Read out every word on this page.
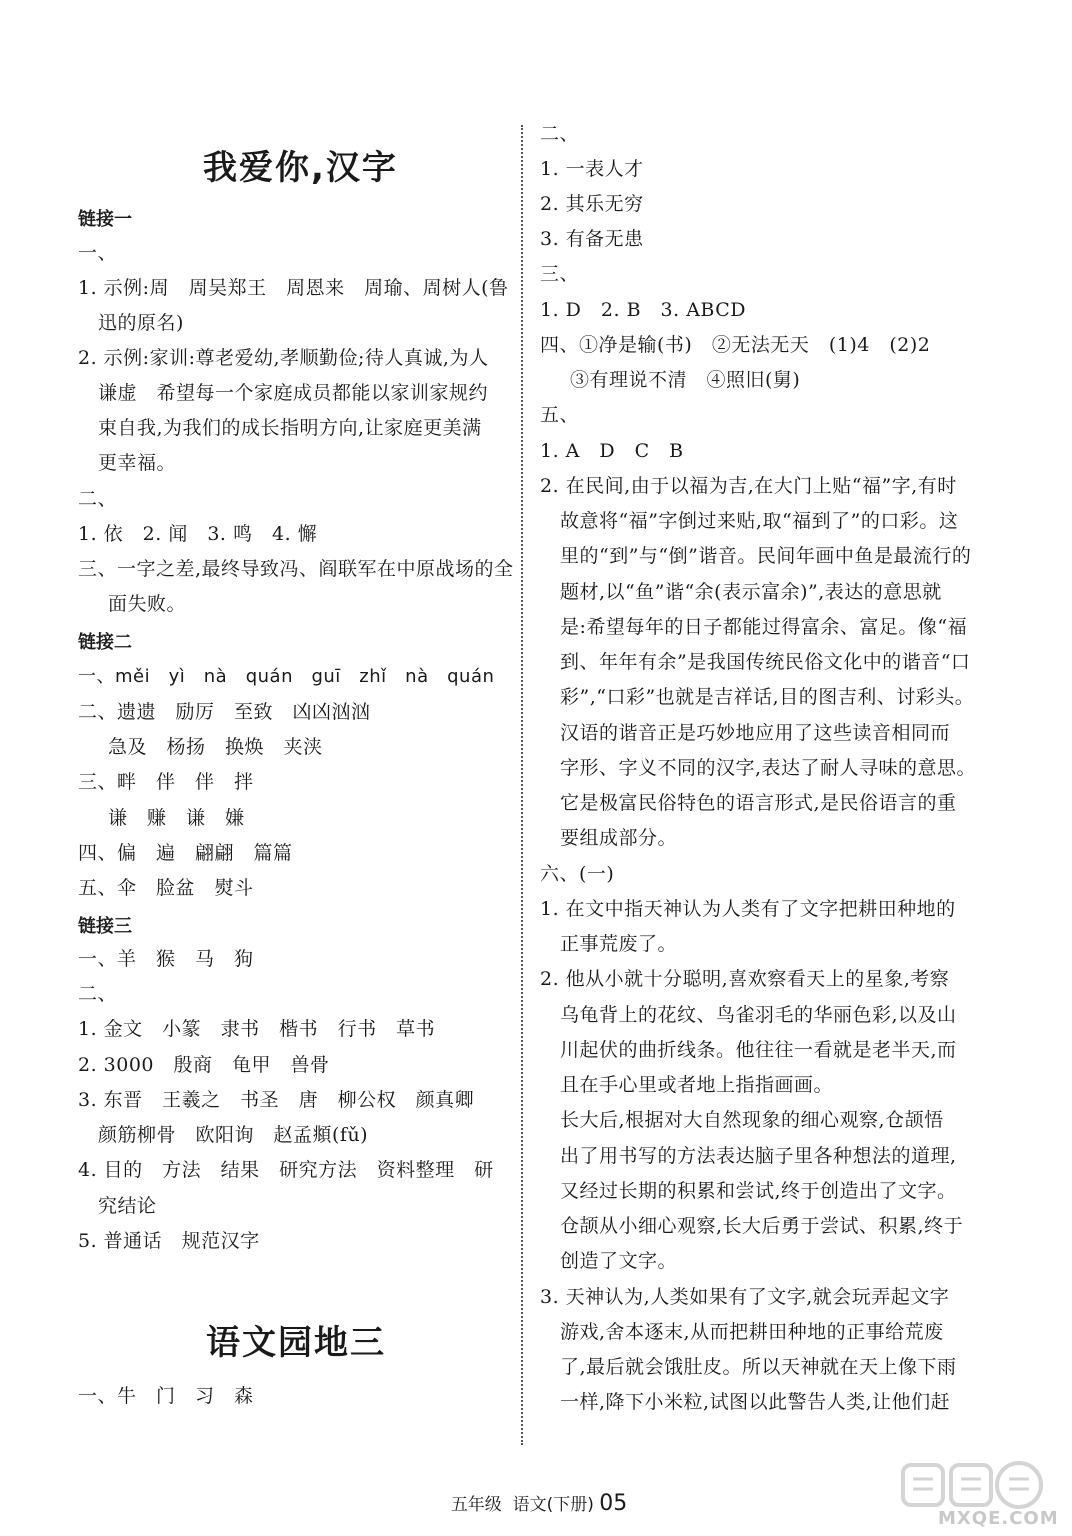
我爱你,汉字
链接一
一、
1. 示例:周　周吴郑王　周恩来　周瑜、周树人(鲁
迅的原名)
2. 示例:家训:尊老爱幼,孝顺勤俭;待人真诚,为人
谦虚　希望每一个家庭成员都能以家训家规约
束自我,为我们的成长指明方向,让家庭更美满
更幸福。
二、
1. 依　2. 闻　3. 鸣　4. 懈
三、一字之差,最终导致冯、阎联军在中原战场的全
面失败。
链接二
一、měi　yì　nà　quán　guī　zhǐ　nà　quán
二、遗遗　励厉　至致　凶凶汹汹
急及　杨扬　换焕　夹浃
三、畔　伴　伴　拌
谦　赚　谦　嫌
四、偏　遍　翩翩　篇篇
五、伞　脸盆　熨斗
链接三
一、羊　猴　马　狗
二、
1. 金文　小篆　隶书　楷书　行书　草书
2. 3000　殷商　龟甲　兽骨
3. 东晋　王羲之　书圣　唐　柳公权　颜真卿
颜筋柳骨　欧阳询　赵孟頫(fǔ)
4. 目的　方法　结果　研究方法　资料整理　研
究结论
5. 普通话　规范汉字
语文园地三
一、牛　门　习　森
二、
1. 一表人才
2. 其乐无穷
3. 有备无患
三、
1. D　2. B　3. ABCD
四、①净是输(书)　②无法无天　(1)4　(2)2
③有理说不清　④照旧(舅)
五、
1. A　D　C　B
2. 在民间,由于以福为吉,在大门上贴“福”字,有时
故意将“福”字倒过来贴,取“福到了”的口彩。这
里的“到”与“倒”谐音。民间年画中鱼是最流行的
题材,以“鱼”谐“余(表示富余)”,表达的意思就
是:希望每年的日子都能过得富余、富足。像“福
到、年年有余”是我国传统民俗文化中的谐音“口
彩”,“口彩”也就是吉祥话,目的图吉利、讨彩头。
汉语的谐音正是巧妙地应用了这些读音相同而
字形、字义不同的汉字,表达了耐人寻味的意思。
它是极富民俗特色的语言形式,是民俗语言的重
要组成部分。
六、(一)
1. 在文中指天神认为人类有了文字把耕田种地的
正事荒废了。
2. 他从小就十分聪明,喜欢察看天上的星象,考察
乌龟背上的花纹、鸟雀羽毛的华丽色彩,以及山
川起伏的曲折线条。他往往一看就是老半天,而
且在手心里或者地上指指画画。
长大后,根据对大自然现象的细心观察,仓颉悟
出了用书写的方法表达脑子里各种想法的道理,
又经过长期的积累和尝试,终于创造出了文字。
仓颉从小细心观察,长大后勇于尝试、积累,终于
创造了文字。
3. 天神认为,人类如果有了文字,就会玩弄起文字
游戏,舍本逐末,从而把耕田种地的正事给荒废
了,最后就会饿肚皮。所以天神就在天上像下雨
一样,降下小米粒,试图以此警告人类,让他们赶

五年级 语文(下册) 05

MXQE.COM
